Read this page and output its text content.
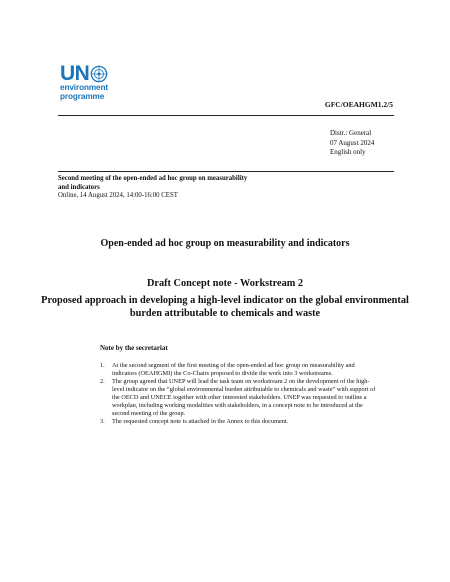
UN
environment
programme
GFC/OEAHGM1.2/5
Distr.: General
07 August 2024
English only
Second meeting of the open-ended ad hoc group on measurability and indicators
Online, 14 August 2024, 14:00-16:00 CEST
Open-ended ad hoc group on measurability and indicators
Draft Concept note - Workstream 2
Proposed approach in developing a high-level indicator on the global environmental burden attributable to chemicals and waste
Note by the secretariat
1. At the second segment of the first meeting of the open-ended ad hoc group on measurability and indicators (OEAHGMI) the Co-Chairs proposed to divide the work into 3 workstreams.
2. The group agreed that UNEP will lead the task team on workstream 2 on the development of the high-level indicator on the “global environmental burden attributable to chemicals and waste” with support of the OECD and UNECE together with other interested stakeholders. UNEP was requested to outline a workplan, including working modalities with stakeholders, in a concept note to be introduced at the second meeting of the group.
3. The requested concept note is attached in the Annex to this document.
